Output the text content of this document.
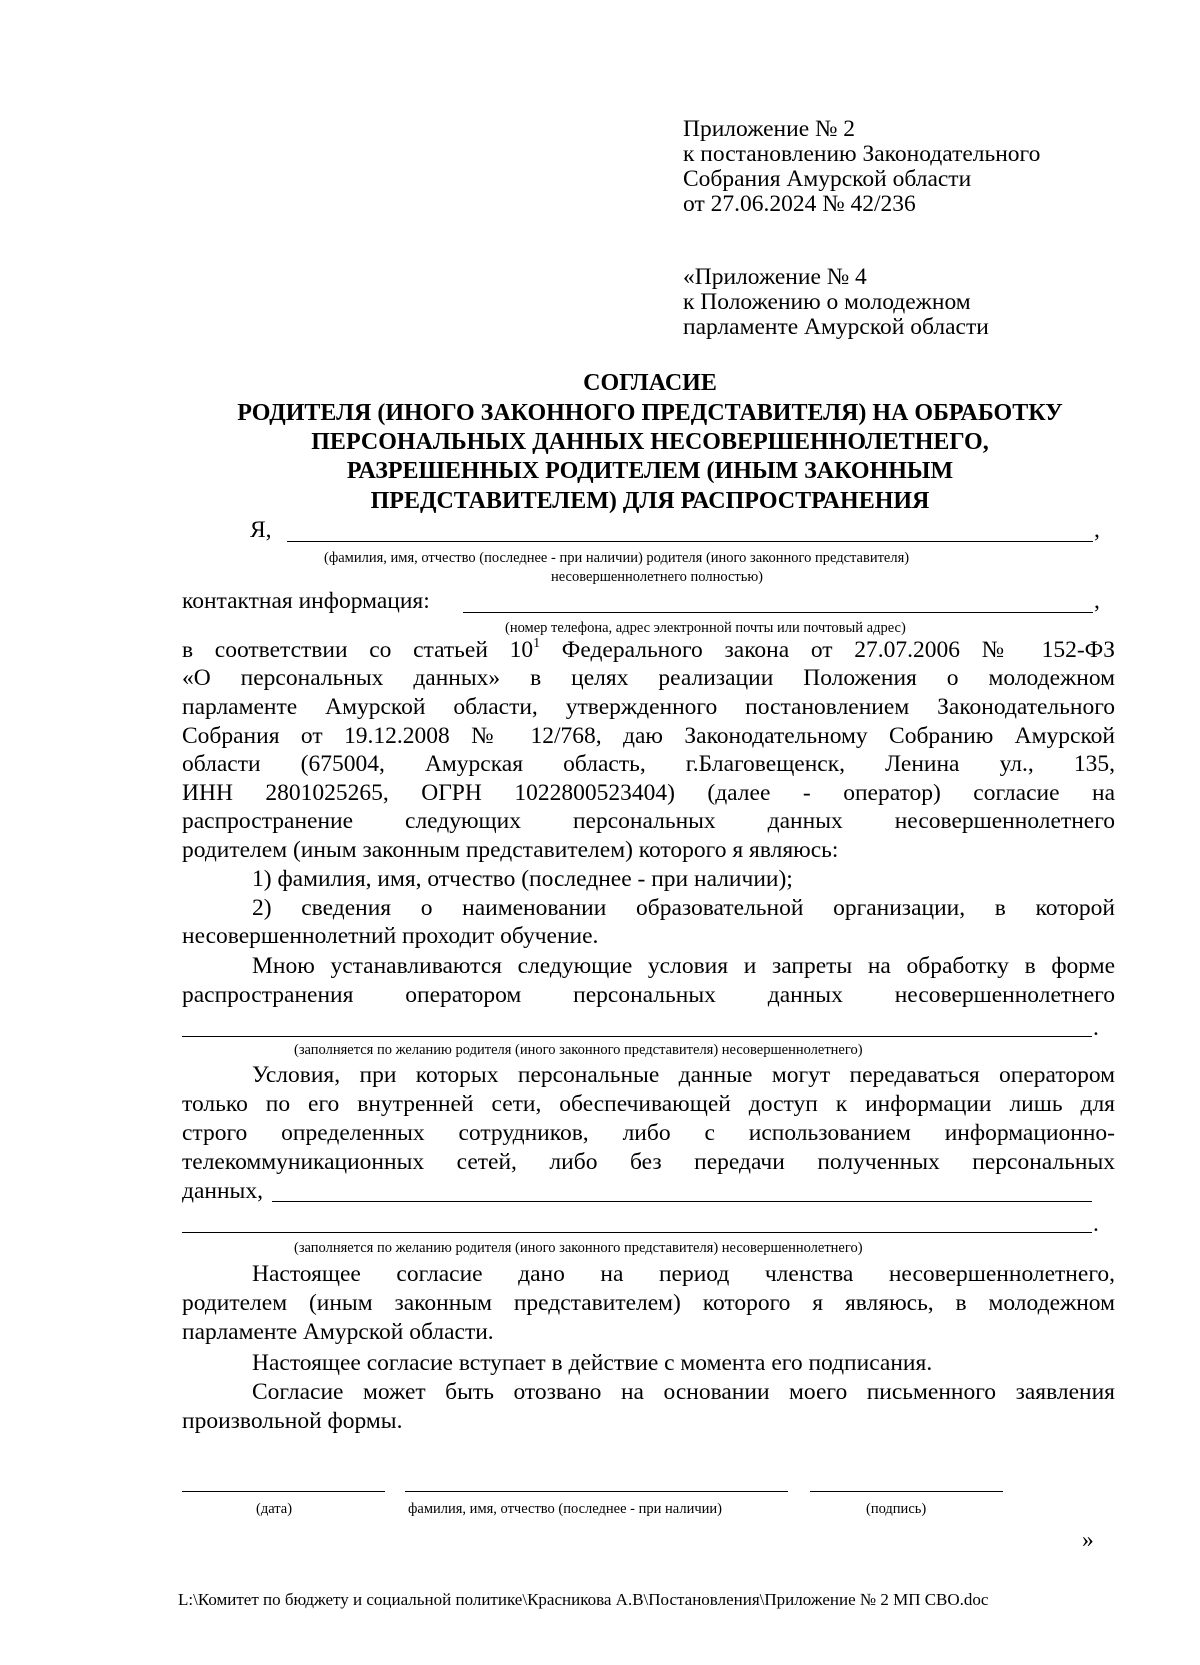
Приложение № 2
к постановлению Законодательного
Собрания Амурской области
от 27.06.2024 № 42/236
«Приложение № 4
к Положению о молодежном
парламенте Амурской области
СОГЛАСИЕ
РОДИТЕЛЯ (ИНОГО ЗАКОННОГО ПРЕДСТАВИТЕЛЯ) НА ОБРАБОТКУ
ПЕРСОНАЛЬНЫХ ДАННЫХ НЕСОВЕРШЕННОЛЕТНЕГО,
РАЗРЕШЕННЫХ РОДИТЕЛЕМ (ИНЫМ ЗАКОННЫМ
ПРЕДСТАВИТЕЛЕМ) ДЛЯ РАСПРОСТРАНЕНИЯ
Я,	,
(фамилия, имя, отчество (последнее - при наличии) родителя (иного законного представителя)
несовершеннолетнего полностью)
контактная информация:	,
(номер телефона, адрес электронной почты или почтовый адрес)
в соответствии со статьей $10^1$ Федерального закона от 27.07.2006 № 152-ФЗ
«О персональных данных» в целях реализации Положения о молодежном
парламенте Амурской области, утвержденного постановлением Законодательного
Собрания от 19.12.2008 № 12/768, даю Законодательному Собранию Амурской
области (675004, Амурская область, г.Благовещенск, Ленина ул., 135,
ИНН 2801025265, ОГРН 1022800523404) (далее - оператор) согласие на
распространение следующих персональных данных несовершеннолетнего
родителем (иным законным представителем) которого я являюсь:
1) фамилия, имя, отчество (последнее - при наличии);
2) сведения о наименовании образовательной организации, в которой
несовершеннолетний проходит обучение.
Мною устанавливаются следующие условия и запреты на обработку в форме
распространения оператором персональных данных несовершеннолетнего
.
(заполняется по желанию родителя (иного законного представителя) несовершеннолетнего)
Условия, при которых персональные данные могут передаваться оператором
только по его внутренней сети, обеспечивающей доступ к информации лишь для
строго определенных сотрудников, либо с использованием информационно-
телекоммуникационных сетей, либо без передачи полученных персональных
данных,
.
(заполняется по желанию родителя (иного законного представителя) несовершеннолетнего)
Настоящее согласие дано на период членства несовершеннолетнего,
родителем (иным законным представителем) которого я являюсь, в молодежном
парламенте Амурской области.
Настоящее согласие вступает в действие с момента его подписания.
Согласие может быть отозвано на основании моего письменного заявления
произвольной формы.
(дата)	фамилия, имя, отчество (последнее - при наличии)	(подпись)
»
L:\Комитет по бюджету и социальной политике\Красникова А.В\Постановления\Приложение № 2 МП СВО.doc
